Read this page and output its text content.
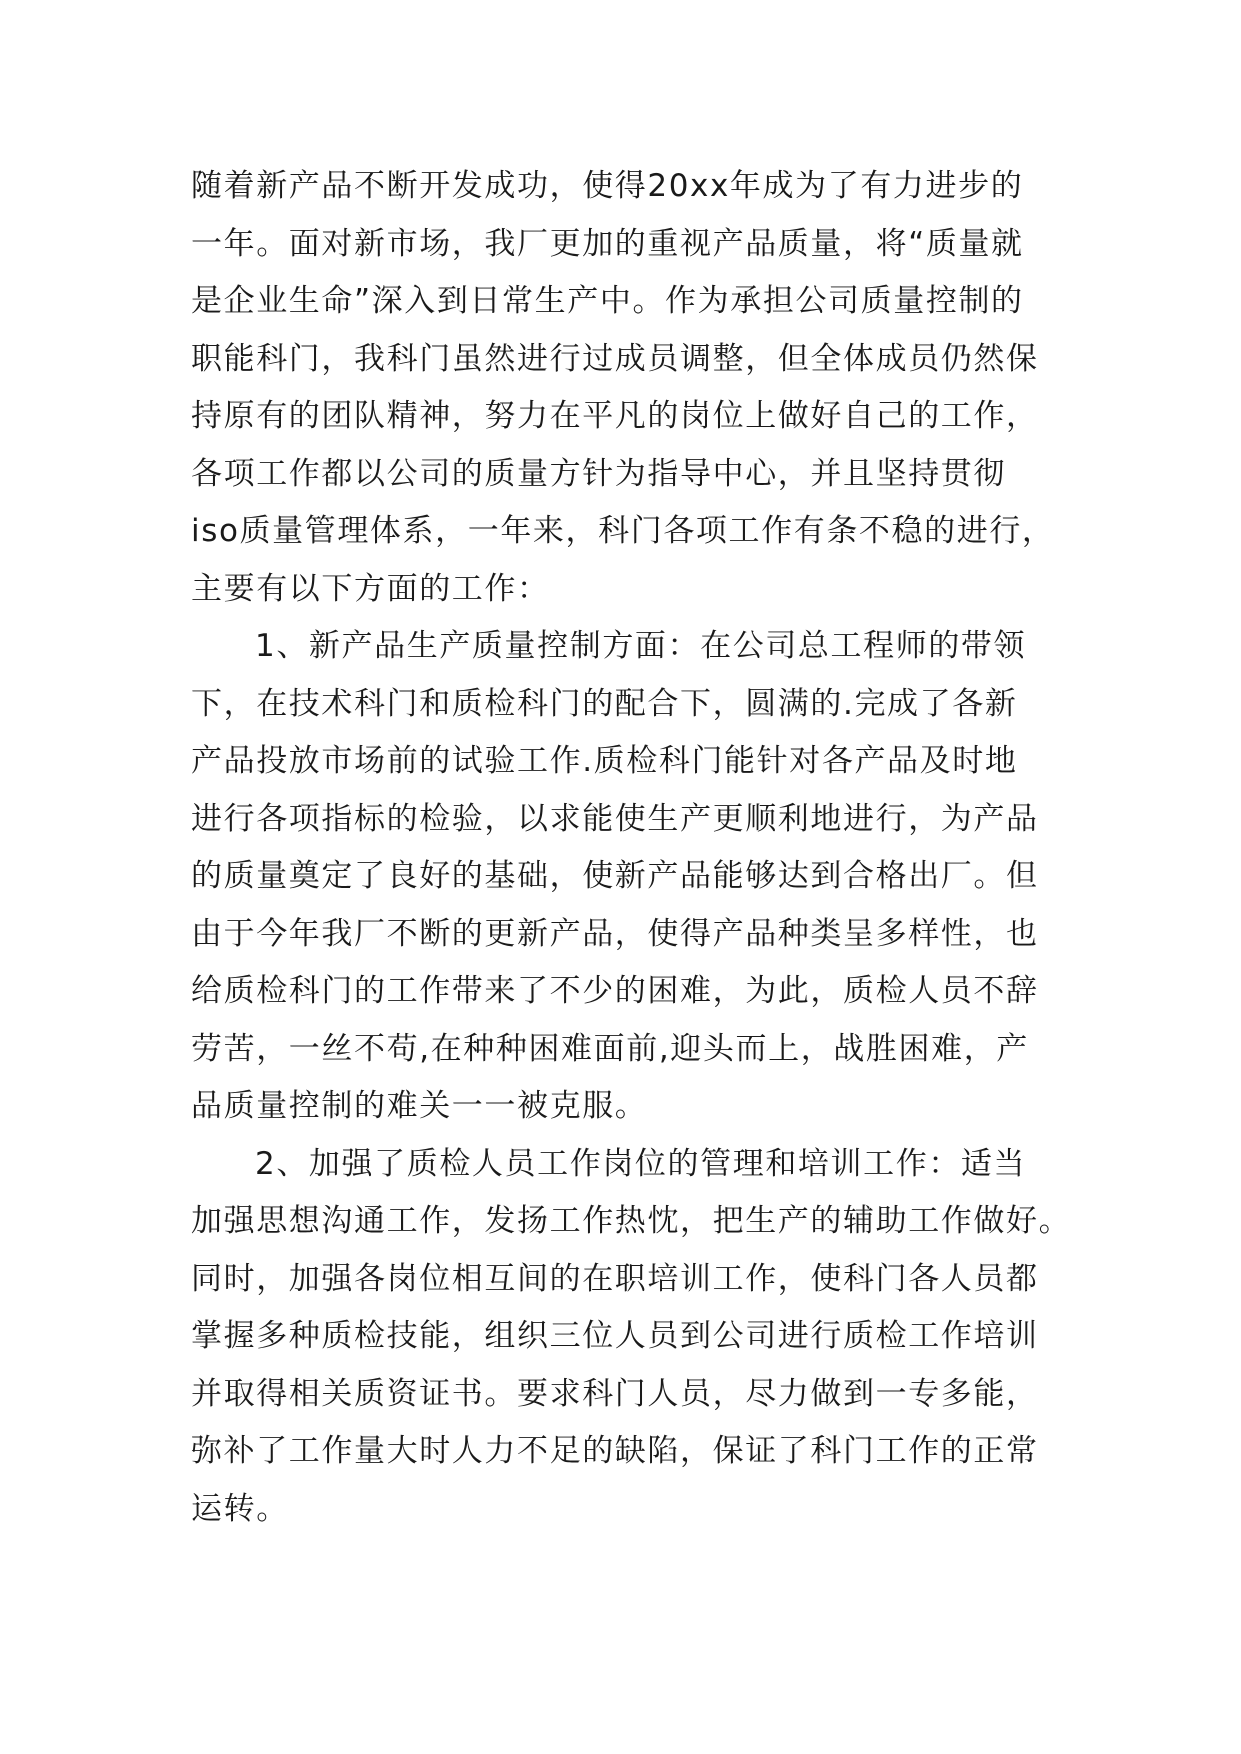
随着新产品不断开发成功，使得20xx年成为了有力进步的
一年。面对新市场，我厂更加的重视产品质量，将“质量就
是企业生命”深入到日常生产中。作为承担公司质量控制的
职能科门，我科门虽然进行过成员调整，但全体成员仍然保
持原有的团队精神，努力在平凡的岗位上做好自己的工作，
各项工作都以公司的质量方针为指导中心，并且坚持贯彻
iso质量管理体系，一年来，科门各项工作有条不稳的进行，
主要有以下方面的工作：
1、新产品生产质量控制方面：在公司总工程师的带领
下，在技术科门和质检科门的配合下，圆满的.完成了各新
产品投放市场前的试验工作.质检科门能针对各产品及时地
进行各项指标的检验，以求能使生产更顺利地进行，为产品
的质量奠定了良好的基础，使新产品能够达到合格出厂。但
由于今年我厂不断的更新产品，使得产品种类呈多样性，也
给质检科门的工作带来了不少的困难，为此，质检人员不辞
劳苦，一丝不苟,在种种困难面前,迎头而上，战胜困难，产
品质量控制的难关一一被克服。
2、加强了质检人员工作岗位的管理和培训工作：适当
加强思想沟通工作，发扬工作热忱，把生产的辅助工作做好。
同时，加强各岗位相互间的在职培训工作，使科门各人员都
掌握多种质检技能，组织三位人员到公司进行质检工作培训
并取得相关质资证书。要求科门人员，尽力做到一专多能，
弥补了工作量大时人力不足的缺陷，保证了科门工作的正常
运转。
